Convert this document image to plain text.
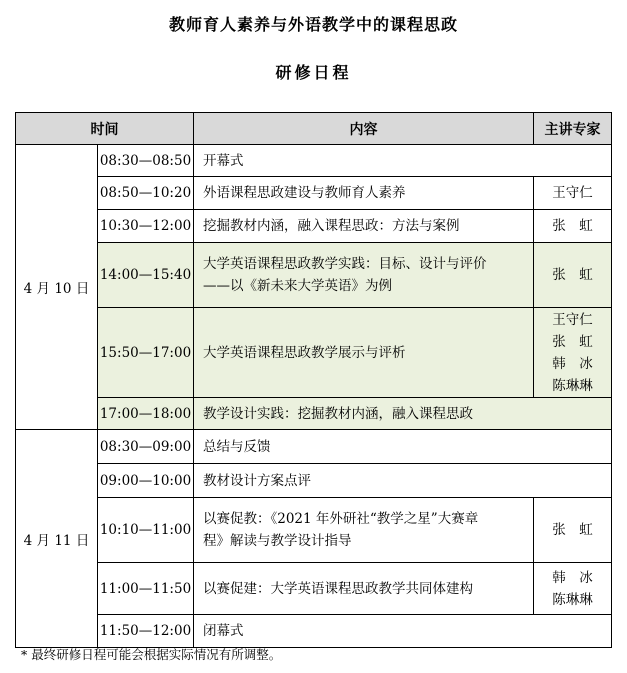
教师育人素养与外语教学中的课程思政
研修日程
时间		内容	主讲专家
4 月 10 日	08:30—08:50	开幕式	

	08:50—10:20	外语课程思政建设与教师育人素养	王守仁

	10:30—12:00	挖掘教材内涵，融入课程思政：方法与案例	张　虹

	14:00—15:40	大学英语课程思政教学实践：目标、设计与评价
——以《新未来大学英语》为例	张　虹

	15:50—17:00	大学英语课程思政教学展示与评析	王守仁
张　虹
韩　冰
陈琳琳

	17:00—18:00	教学设计实践：挖掘教材内涵，融入课程思政	

4 月 11 日	08:30—09:00	总结与反馈	

	09:00—10:00	教材设计方案点评	

	10:10—11:00	以赛促教：《2021 年外研社“教学之星”大赛章
程》解读与教学设计指导	张　虹

	11:00—11:50	以赛促建：大学英语课程思政教学共同体建构	韩　冰
陈琳琳

	11:50—12:00	闭幕式	
* 最终研修日程可能会根据实际情况有所调整。
